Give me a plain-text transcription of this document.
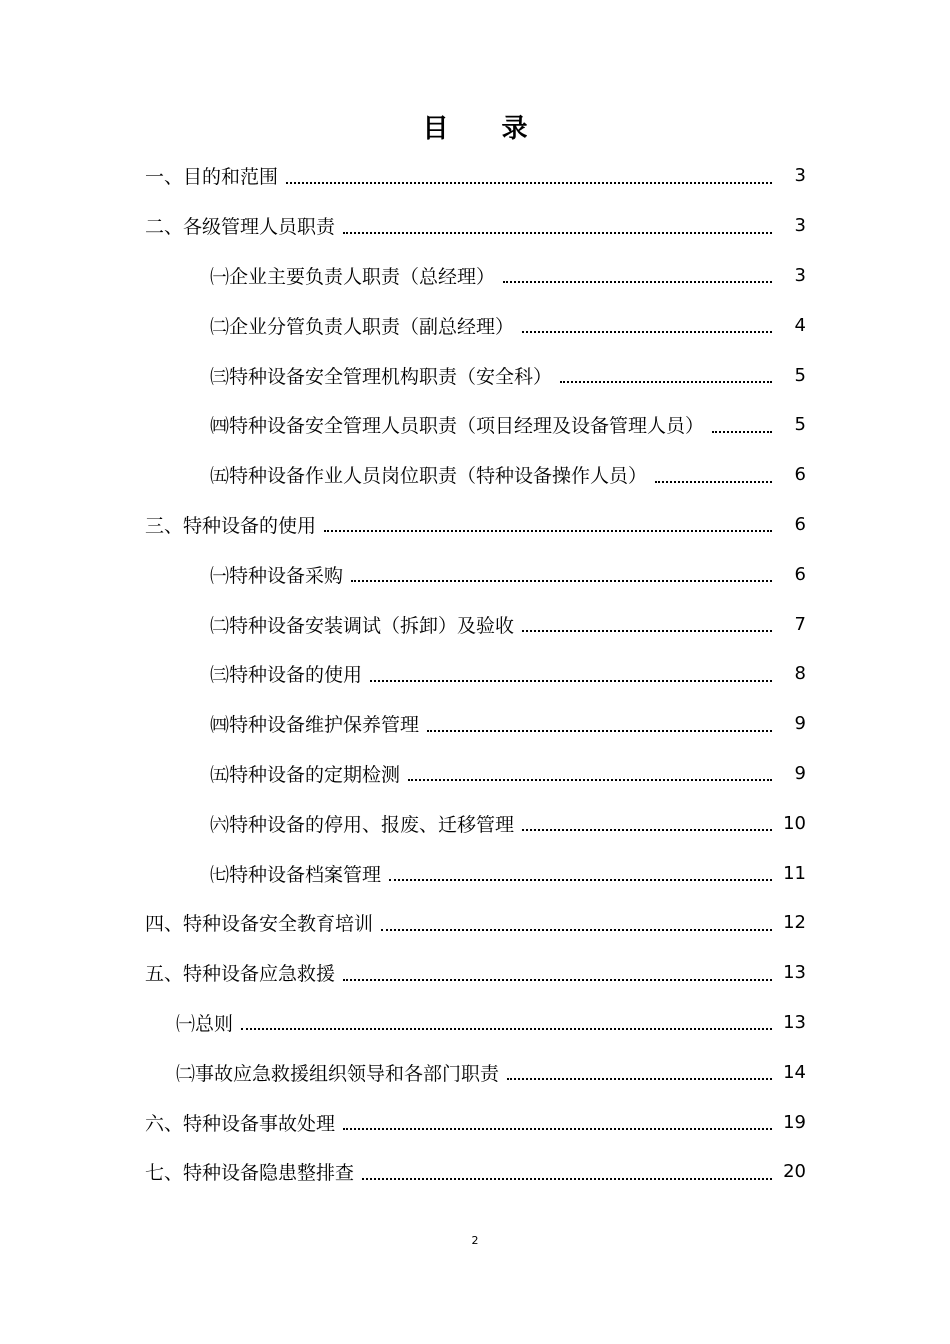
目 录
一、目的和范围	3
二、各级管理人员职责	3
㈠企业主要负责人职责（总经理）	3
㈡企业分管负责人职责（副总经理）	4
㈢特种设备安全管理机构职责（安全科）	5
㈣特种设备安全管理人员职责（项目经理及设备管理人员）	5
㈤特种设备作业人员岗位职责（特种设备操作人员）	6
三、特种设备的使用	6
㈠特种设备采购	6
㈡特种设备安装调试（拆卸）及验收	7
㈢特种设备的使用	8
㈣特种设备维护保养管理	9
㈤特种设备的定期检测	9
㈥特种设备的停用、报废、迁移管理	10
㈦特种设备档案管理	11
四、特种设备安全教育培训	12
五、特种设备应急救援	13
㈠总则	13
㈡事故应急救援组织领导和各部门职责	14
六、特种设备事故处理	19
七、特种设备隐患整排查	20
2
